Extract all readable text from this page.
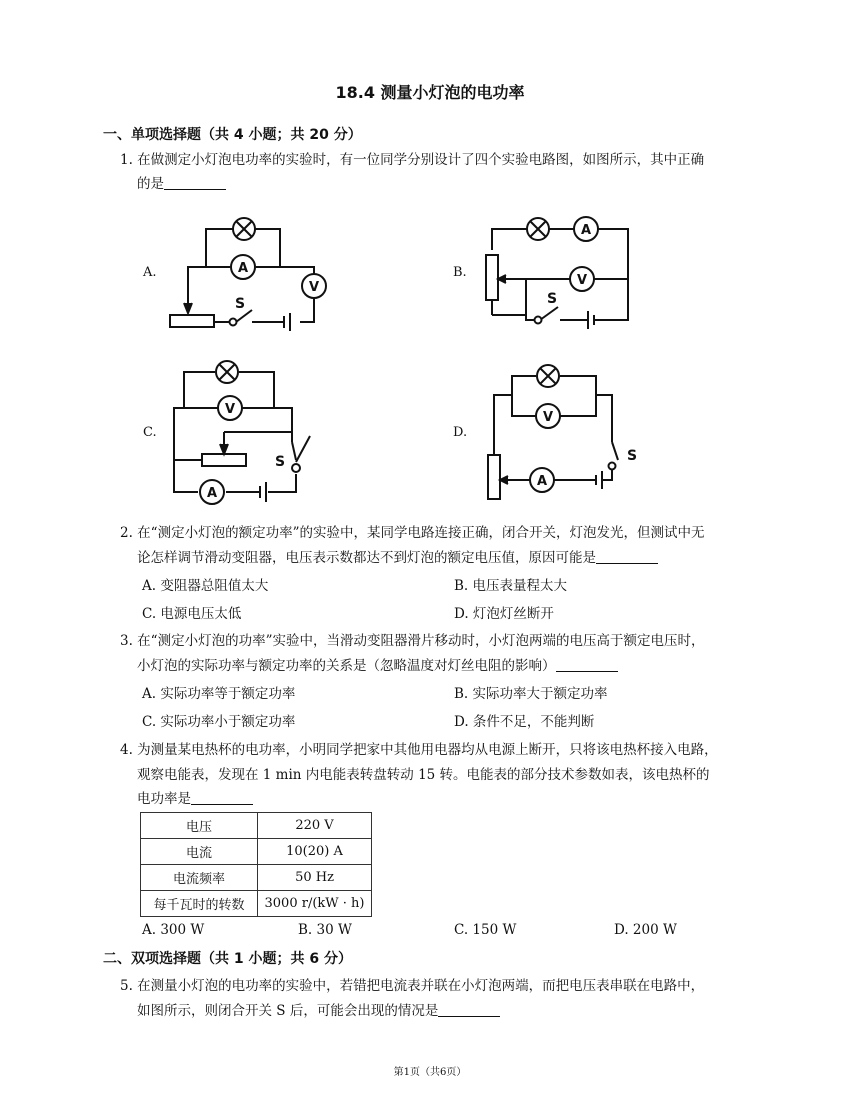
18.4 测量小灯泡的电功率
一、单项选择题（共 4 小题；共 20 分）
1. 在做测定小灯泡电功率的实验时，有一位同学分别设计了四个实验电路图，如图所示，其中正确
的是
A.	B.
C.	D.
A
V
S
A
V
S
V
A
S
V
A
S
2. 在“测定小灯泡的额定功率”的实验中，某同学电路连接正确，闭合开关，灯泡发光，但测试中无
论怎样调节滑动变阻器，电压表示数都达不到灯泡的额定电压值，原因可能是
A. 变阻器总阻值太大	B. 电压表量程太大
C. 电源电压太低	D. 灯泡灯丝断开
3. 在“测定小灯泡的功率”实验中，当滑动变阻器滑片移动时，小灯泡两端的电压高于额定电压时，
小灯泡的实际功率与额定功率的关系是（忽略温度对灯丝电阻的影响）
A. 实际功率等于额定功率	B. 实际功率大于额定功率
C. 实际功率小于额定功率	D. 条件不足，不能判断
4. 为测量某电热杯的电功率，小明同学把家中其他用电器均从电源上断开，只将该电热杯接入电路，
观察电能表，发现在 1 min 内电能表转盘转动 15 转。电能表的部分技术参数如表，该电热杯的
电功率是
电压	220 V
电流	10(20) A
电流频率	50 Hz
每千瓦时的转数	3000 r/(kW · h)
A. 300 W	B. 30 W	C. 150 W	D. 200 W
二、双项选择题（共 1 小题；共 6 分）
5. 在测量小灯泡的电功率的实验中，若错把电流表并联在小灯泡两端，而把电压表串联在电路中，
如图所示，则闭合开关 S 后，可能会出现的情况是
第1页（共6页）
